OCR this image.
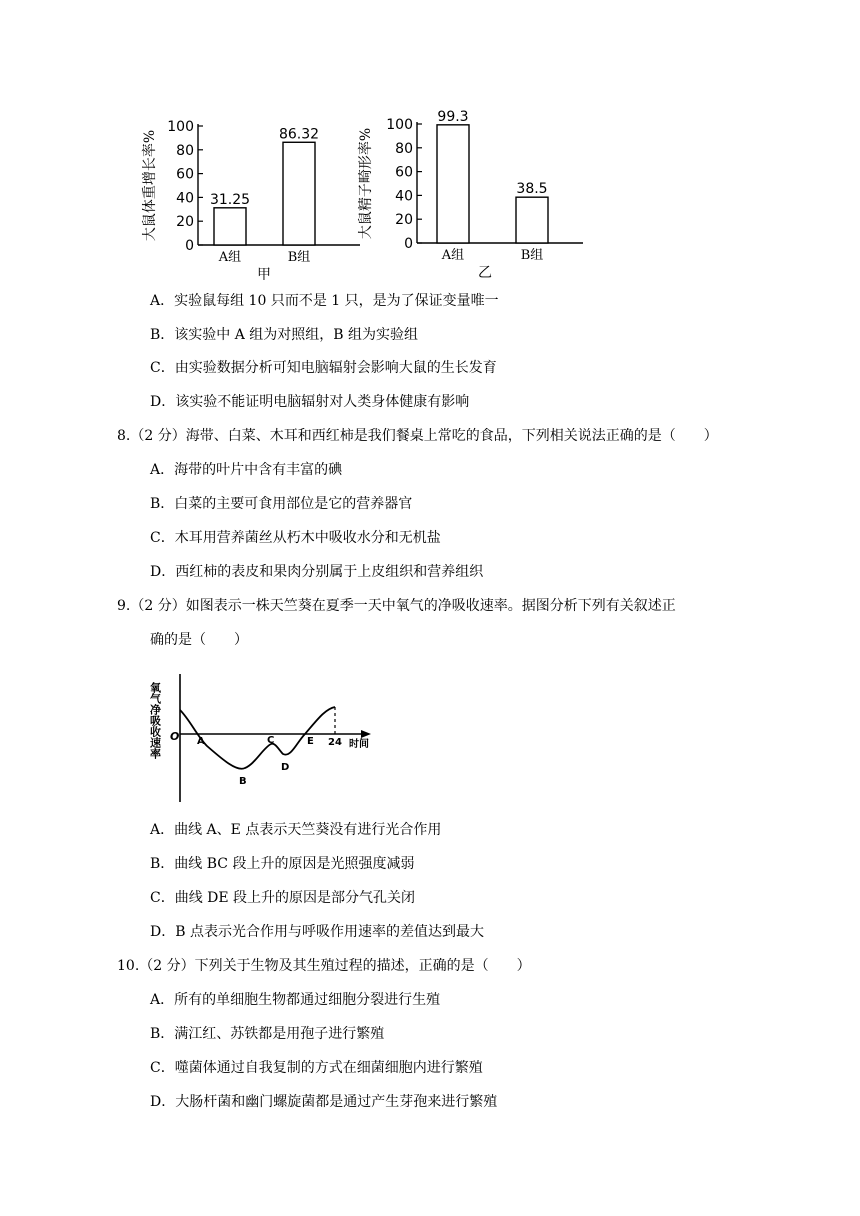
大鼠体重增长率%
0
20
40
60
80
100
31.25
A组
86.32
B组
甲
大鼠精子畸形率%
0
20
40
60
80
100
99.3
A组
38.5
B组
乙
A．实验鼠每组 10 只而不是 1 只，是为了保证变量唯一
B．该实验中 A 组为对照组，B 组为实验组
C．由实验数据分析可知电脑辐射会影响大鼠的生长发育
D．该实验不能证明电脑辐射对人类身体健康有影响
8.（2 分）海带、白菜、木耳和西红柿是我们餐桌上常吃的食品，下列相关说法正确的是（　　）
A．海带的叶片中含有丰富的碘
B．白菜的主要可食用部位是它的营养器官
C．木耳用营养菌丝从朽木中吸收水分和无机盐
D．西红柿的表皮和果肉分别属于上皮组织和营养组织
9.（2 分）如图表示一株天竺葵在夏季一天中氧气的净吸收速率。据图分析下列有关叙述正
确的是（　　）
氧气净吸收速率 O A
B
C
D
E 24 时间
A．曲线 A、E 点表示天竺葵没有进行光合作用
B．曲线 BC 段上升的原因是光照强度减弱
C．曲线 DE 段上升的原因是部分气孔关闭
D．B 点表示光合作用与呼吸作用速率的差值达到最大
10.（2 分）下列关于生物及其生殖过程的描述，正确的是（　　）
A．所有的单细胞生物都通过细胞分裂进行生殖
B．满江红、苏铁都是用孢子进行繁殖
C．噬菌体通过自我复制的方式在细菌细胞内进行繁殖
D．大肠杆菌和幽门螺旋菌都是通过产生芽孢来进行繁殖
